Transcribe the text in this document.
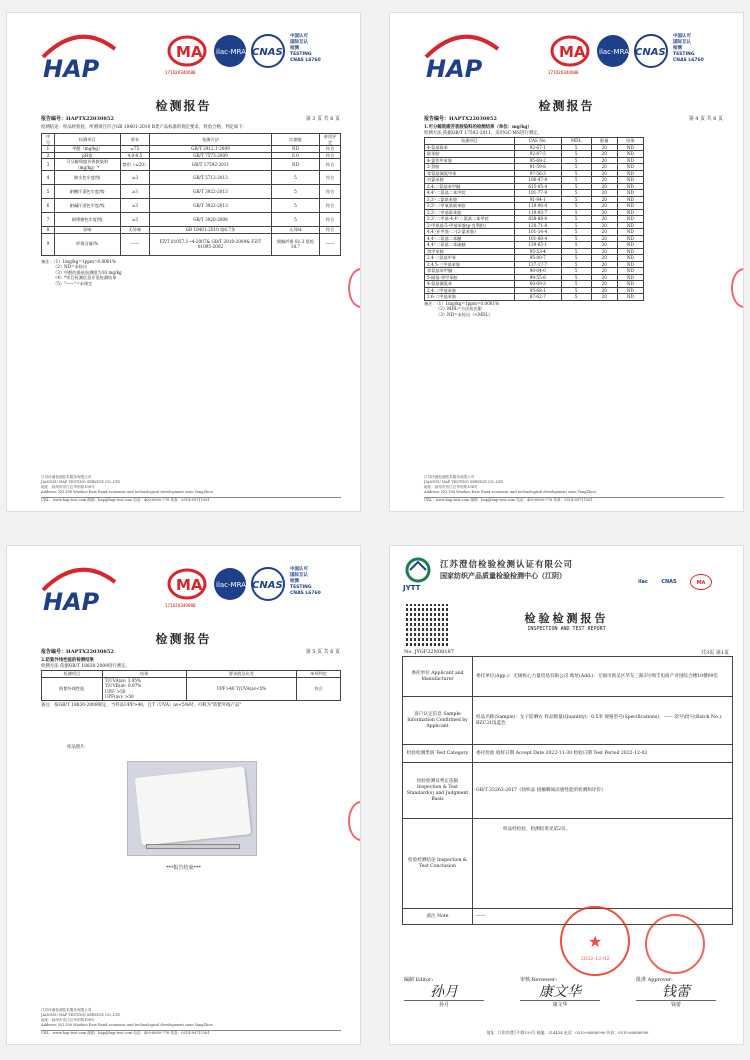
HAP
MA
171020340088
ilac-MRA CNAS
中国认可
国际互认
检测
TESTING
CNAS L6760
检测报告
报告编号：HAPTX22030852	第 3 页 共 6 页
检测结论：样品经检验，所测项目符合GB 18401-2010 B类产品标准的规定要求，检验合格，判定如下：
序号	检测项目	要求	检测方法	实测值	单项评定
1	甲醛（mg/kg）	≤75	GB/T 2912.1-2009	ND	符合
2	pH值	4.0-8.5	GB/T 7573-2009	6.0	符合
3	可分解致癌芳香胺染料（mg/kg）*	禁用（≤20）	GB/T 17592-2011	ND	符合
4	耐水色牢度/级	≥3	GB/T 5713-2013	5	符合
5	耐酸汗渍色牢度/级	≥3	GB/T 3922-2013	5	符合
6	耐碱汗渍色牢度/级	≥3	GB/T 3922-2013	5	符合
7	耐摩擦色牢度/级	≥3	GB/T 3920-2008	5	符合
8	异味	无异味	GB 18401-2010 第6.7条	无异味	符合
9	纤维含量/%	——	FZ/T 01057.1~4-2007& GB/T 2910-2009& FZ/T 01095-2002	聚酯纤维 81.3 氨纶 18.7	——
备注：（1）1mg/kg=1ppm=0.0001%
（2）ND=未检出
（3）甲醛的最低检测限为16 mg/kg
（4）*项目检测信息详见检测结果
（5）"——"=未规定
江苏环港检测技术服务有限公司
JIANGSU HAP TESTING SERVICE CO.,LTD
地址：扬州市邗江区华东路198号
Address: NO.198 Wuzhou East Road,economic and technological development zone,YangZhou
URL：www.hap-test.com 邮箱：hap@hap-test.com 电话：400-6600-776 传真：0514-89711561
HAP
MA
171020340088
ilac-MRA CNAS
中国认可
国际互认
检测
TESTING
CNAS L6760
检测报告
报告编号：HAPTX22030852	第 4 页 共 6 页
1.可分解致癌芳香胺染料的检测结果（单位：mg/kg）
检测方法 依据GB/T 17592-2011，采用GC-MS进行测定。
检测项目	CAS No.	MDL	限量	结果
4-氨基联苯	92-67-1	5	20	ND
联苯胺	92-87-5	5	20	ND
4-氯邻甲苯胺	95-69-2	5	20	ND
2-萘胺	91-59-8	5	20	ND
邻氨基偶氮甲苯	97-56-3	5	20	ND
对氯苯胺	106-47-8	5	20	ND
2,4-二氨基苯甲醚	615-05-4	5	20	ND
4,4'-二氨基二苯甲烷	101-77-9	5	20	ND
3,3'-二氯联苯胺	91-94-1	5	20	ND
3,3'-二甲氧基联苯胺	119-90-4	5	20	ND
3,3'-二甲基联苯胺	119-93-7	5	20	ND
3,3'-二甲基-4,4'-二氨基二苯甲烷	838-88-0	5	20	ND
2-甲氧基-5-甲基苯胺(p-克利酊)	120-71-8	5	20	ND
4,4'-亚甲基-二-(2-氯苯胺)	101-14-4	5	20	ND
4,4'-二氨基二苯醚	101-80-4	5	20	ND
4,4'-二氨基二苯硫醚	139-65-1	5	20	ND
邻甲苯胺	95-53-4	5	20	ND
2,4-二氨基甲苯	95-80-7	5	20	ND
2,4,5-三甲基苯胺	137-17-7	5	20	ND
邻氨基苯甲醚	90-04-0	5	20	ND
5-硝基-邻甲苯胺	99-55-8	5	20	ND
4-氨基偶氮苯	60-09-3	5	20	ND
2,4-二甲基苯胺	95-68-1	5	20	ND
2,6-二甲基苯胺	87-62-7	5	20	ND
备注：（1）1mg/kg=1ppm=0.0001%
（2）MDL=方法检出限
（3）ND=未检出（<MDL）
江苏环港检测技术服务有限公司
JIANGSU HAP TESTING SERVICE CO.,LTD
地址：扬州市邗江区华东路198号
Address: NO.198 Wuzhou East Road,economic and technological development zone,YangZhou
URL：www.hap-test.com 邮箱：hap@hap-test.com 电话：400-6600-776 传真：0514-89711561
HAP
MA
171020340088
ilac-MRA CNAS
中国认可
国际互认
检测
TESTING
CNAS L6760
检测报告
报告编号：HAPTX22030852	第 5 页 共 6 页
2.防紫外线性能的检测结果
检测方法 依据GB/T 18830-2009进行测定。
检测项目	结果	要求值及允差	单项判定
防紫外线性能	T(UVA)av: 3.95%
T(UVB)av: 0.97%
UPF: >50
UPF(av): >50	UPF>40 T(UVA)av<5%	符合
备注：按GB/T 18830-2009规定，当样品UPF>40，且T（UVA）av<5%时，可称为"防紫外线产品"
样品照片：
***报告结束***
江苏环港检测技术服务有限公司
JIANGSU HAP TESTING SERVICE CO.,LTD
地址：扬州市邗江区华东路198号
Address: NO.198 Wuzhou East Road,economic and technological development zone,YangZhou
URL：www.hap-test.com 邮箱：hap@hap-test.com 电话：400-6600-776 传真：0514-89711561
JYTT
江苏澄信检验检测认证有限公司
国家纺织产品质量检验检测中心（江阴）
ilac	CNAS	MA
检验检测报告
INSPECTION AND TEST REPORT
No. JYGF22N08187	共3页 第1页
委托单位 Applicant and Manufacturer	委托单位(App.)：无锡栎心力量贸易有限公司 地址(Add.)：无锡市新吴区华友三路3号细丰电商产业园综合楼10楼09室
客户认定信息 Sample Information Confirmed by Applicant	样品名称(Sample)：女子防晒衣 样品数量(Quantity)：0.5米 规格型号(Specifications)：—— 款号\批号(Batch No.)：BZC31浅蓝色
检验检测类别 Test Category	委托检验 收样日期 Accept Date 2022-11-30 检验日期 Test Period 2022-12-02
检验检测及判定依据 Inspection & Test Standard(s) and Judgment Basis	GB/T 33263-2017《纺织品 接触瞬间凉感性能的检测和评价》
检验检测结论 Inspection & Test Conclusion	样品经检验，检测结果见第2页。
备注 Note	——
★
2022-12-02
编制 Editor:
孙月
孙月
审核 Reviewer:
康文华
康文华
批准 Approver:
钱蕾
钱蕾
地址：江阴市澄江中路159号 邮编：214434 电话：0510-86886996 传真：0510-86886996
